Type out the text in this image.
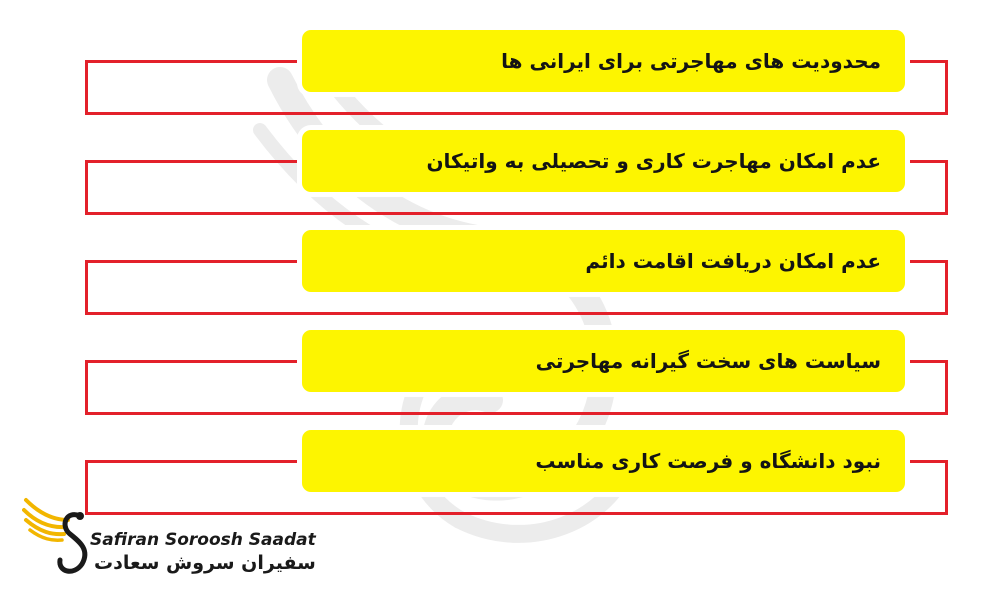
محدودیت های مهاجرتی برای ایرانی ها
عدم امکان مهاجرت کاری و تحصیلی به واتیکان
عدم امکان دریافت اقامت دائم
سیاست های سخت گیرانه مهاجرتی
نبود دانشگاه و فرصت کاری مناسب
Safiran Soroosh Saadat
سفیران سروش سعادت
